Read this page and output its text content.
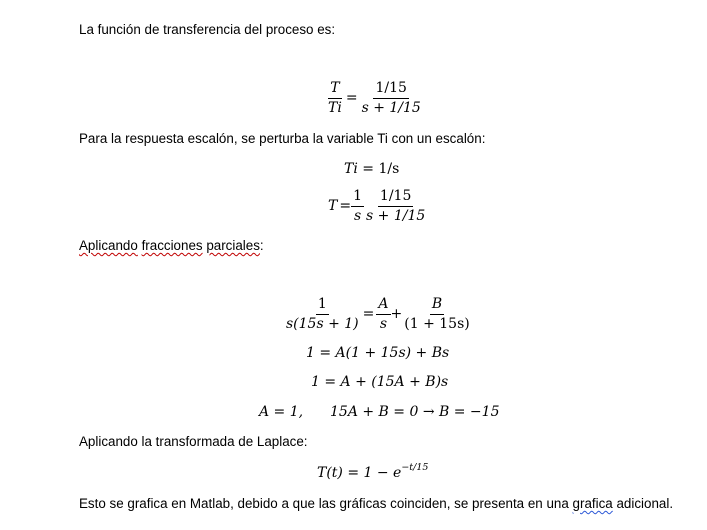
La función de transferencia del proceso es:
$\frac{T}{Ti} = \frac{1/15}{s + 1/15}$
Para la respuesta escalón, se perturba la variable Ti con un escalón:
Ti = 1/s
$T = \frac{1}{s} \frac{1/15}{s + 1/15}$
Aplicando fracciones parciales:
$\frac{1}{s(15s + 1)} = \frac{A}{s} + \frac{B}{(1 + 15s)}$
1 = A(1 + 15s) + Bs
1 = A + (15A + B)s
A = 1, 15A + B = 0 → B = −15
Aplicando la transformada de Laplace:
$T(t) = 1 - e^{-t/15}$
Esto se grafica en Matlab, debido a que las gráficas coinciden, se presenta en una grafica adicional.
